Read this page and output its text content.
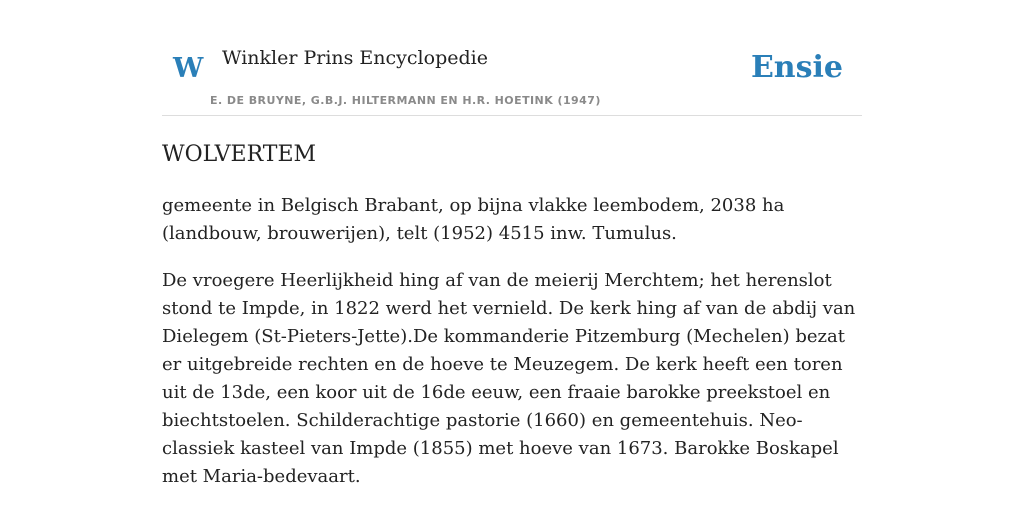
W Winkler Prins Encyclopedie
E. DE BRUYNE, G.B.J. HILTERMANN EN H.R. HOETINK (1947)
Ensie
WOLVERTEM

gemeente in Belgisch Brabant, op bijna vlakke leembodem, 2038 ha (landbouw, brouwerijen), telt (1952) 4515 inw. Tumulus.

De vroegere Heerlijkheid hing af van de meierij Merchtem; het herenslot stond te Impde, in 1822 werd het vernield. De kerk hing af van de abdij van Dielegem (St-Pieters-Jette).De kommanderie Pitzemburg (Mechelen) bezat er uitgebreide rechten en de hoeve te Meuzegem. De kerk heeft een toren uit de 13de, een koor uit de 16de eeuw, een fraaie barokke preekstoel en biechtstoelen. Schilderachtige pastorie (1660) en gemeentehuis. Neo-classiek kasteel van Impde (1855) met hoeve van 1673. Barokke Boskapel met Maria-bedevaart.
